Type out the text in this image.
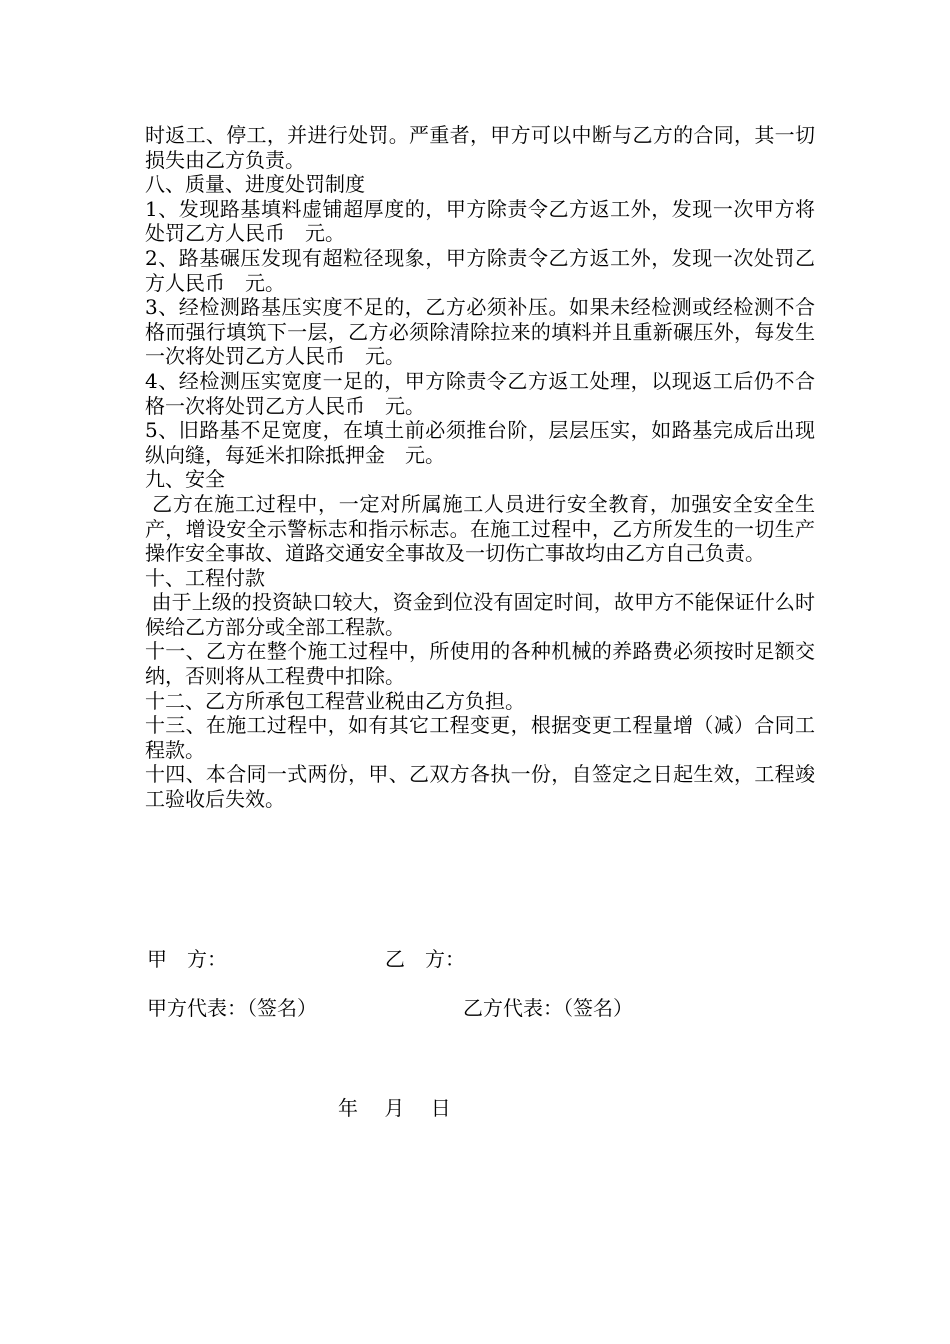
时返工、停工，并进行处罚。严重者，甲方可以中断与乙方的合同，其一切损失由乙方负责。

八、质量、进度处罚制度

1、发现路基填料虚铺超厚度的，甲方除责令乙方返工外，发现一次甲方将处罚乙方人民币　元。

2、路基碾压发现有超粒径现象，甲方除责令乙方返工外，发现一次处罚乙方人民币　元。

3、经检测路基压实度不足的，乙方必须补压。如果未经检测或经检测不合格而强行填筑下一层，乙方必须除清除拉来的填料并且重新碾压外，每发生一次将处罚乙方人民币　元。

4、经检测压实宽度一足的，甲方除责令乙方返工处理，以现返工后仍不合格一次将处罚乙方人民币　元。

5、旧路基不足宽度，在填土前必须推台阶，层层压实，如路基完成后出现纵向缝，每延米扣除抵押金　元。

九、安全

乙方在施工过程中，一定对所属施工人员进行安全教育，加强安全安全生产，增设安全示警标志和指示标志。在施工过程中，乙方所发生的一切生产操作安全事故、道路交通安全事故及一切伤亡事故均由乙方自己负责。

十、工程付款

由于上级的投资缺口较大，资金到位没有固定时间，故甲方不能保证什么时候给乙方部分或全部工程款。

十一、乙方在整个施工过程中，所使用的各种机械的养路费必须按时足额交纳，否则将从工程费中扣除。

十二、乙方所承包工程营业税由乙方负担。

十三、在施工过程中，如有其它工程变更，根据变更工程量增（减）合同工程款。

十四、本合同一式两份，甲、乙双方各执一份，自签定之日起生效，工程竣工验收后失效。

甲　方：	乙　方：
甲方代表：（签名）	乙方代表：（签名）
年　 月　 日
